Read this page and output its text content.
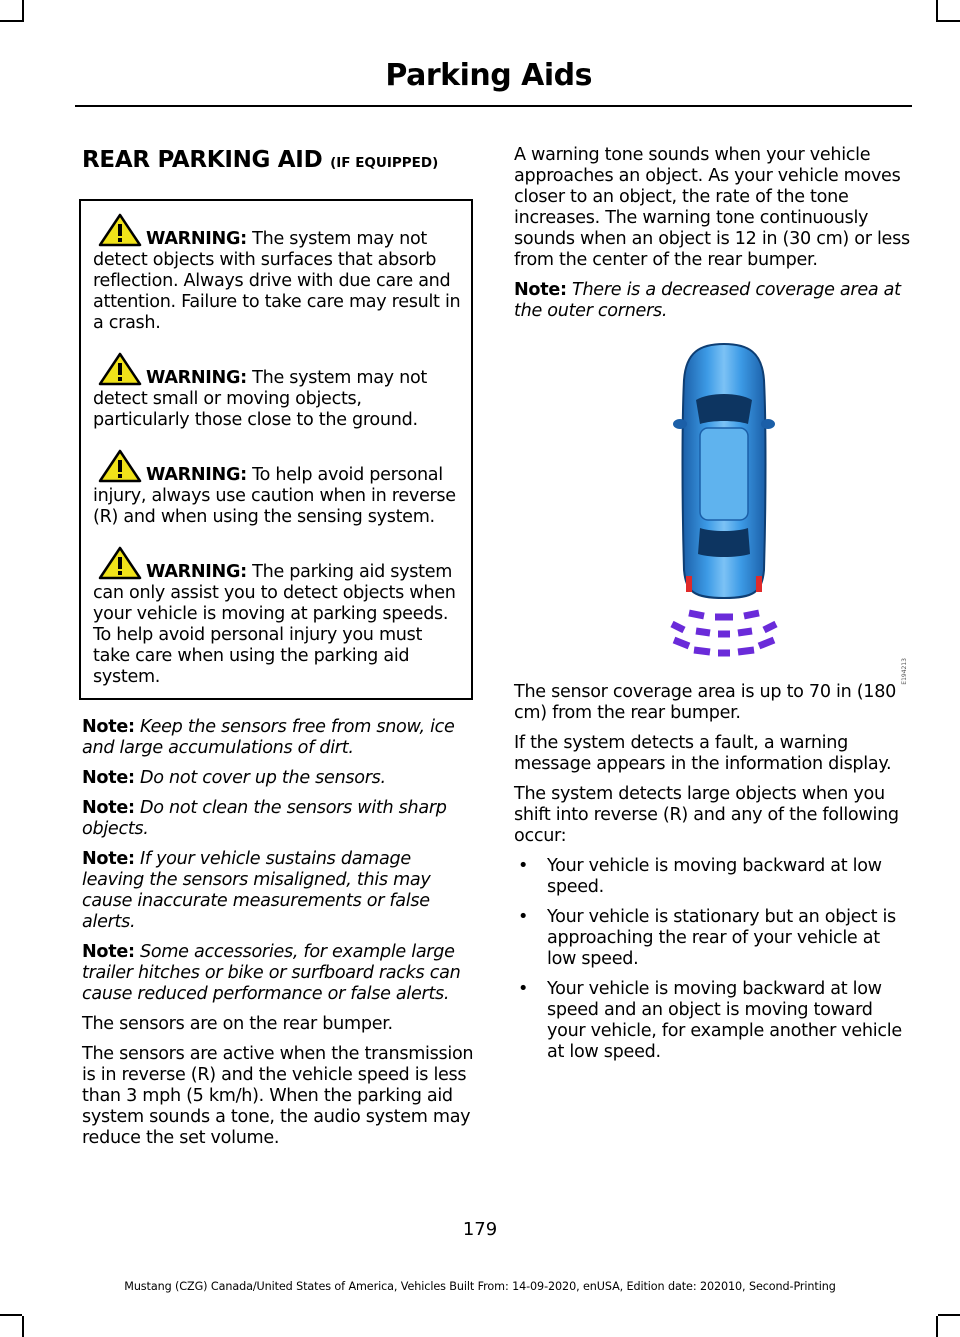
Parking Aids
REAR PARKING AID (IF EQUIPPED)
WARNING: The system may not detect objects with surfaces that absorb reflection. Always drive with due care and attention. Failure to take care may result in a crash.
WARNING: The system may not detect small or moving objects, particularly those close to the ground.
WARNING: To help avoid personal injury, always use caution when in reverse (R) and when using the sensing system.
WARNING: The parking aid system can only assist you to detect objects when your vehicle is moving at parking speeds. To help avoid personal injury you must take care when using the parking aid system.

Note: Keep the sensors free from snow, ice and large accumulations of dirt.

Note: Do not cover up the sensors.

Note: Do not clean the sensors with sharp objects.

Note: If your vehicle sustains damage leaving the sensors misaligned, this may cause inaccurate measurements or false alerts.

Note: Some accessories, for example large trailer hitches or bike or surfboard racks can cause reduced performance or false alerts.

The sensors are on the rear bumper.

The sensors are active when the transmission is in reverse (R) and the vehicle speed is less than 3 mph (5 km/h). When the parking aid system sounds a tone, the audio system may reduce the set volume.

A warning tone sounds when your vehicle approaches an object. As your vehicle moves closer to an object, the rate of the tone increases. The warning tone continuously sounds when an object is 12 in (30 cm) or less from the center of the rear bumper.

Note: There is a decreased coverage area at the outer corners.

E194213

The sensor coverage area is up to 70 in (180 cm) from the rear bumper.

If the system detects a fault, a warning message appears in the information display.

The system detects large objects when you shift into reverse (R) and any of the following occur:

• Your vehicle is moving backward at low speed.
• Your vehicle is stationary but an object is approaching the rear of your vehicle at low speed.
• Your vehicle is moving backward at low speed and an object is moving toward your vehicle, for example another vehicle at low speed.
179
Mustang (CZG) Canada/United States of America, Vehicles Built From: 14-09-2020, enUSA, Edition date: 202010, Second-Printing
